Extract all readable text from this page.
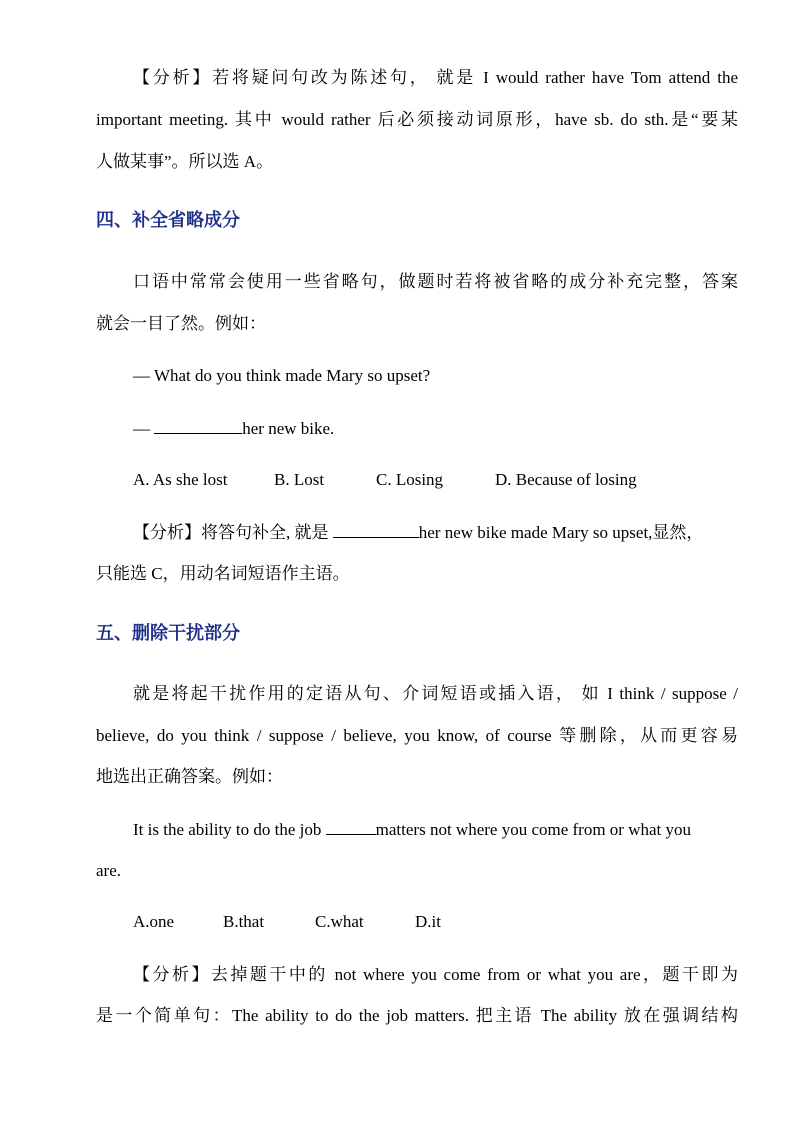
【分析】若将疑问句改为陈述句， 就是 I would rather have Tom attend the
important meeting. 其中 would rather 后必须接动词原形，have sb. do sth.是“要某
人做某事”。所以选 A。
四、补全省略成分
口语中常常会使用一些省略句，做题时若将被省略的成分补充完整，答案
就会一目了然。例如：
— What do you think made Mary so upset?
—	her new bike.
A. As she lost	B. Lost	C. Losing	D. Because of losing
【分析】将答句补全, 就是	her new bike made Mary so upset,显然，
只能选 C，用动名词短语作主语。
五、删除干扰部分
就是将起干扰作用的定语从句、介词短语或插入语， 如 I think / suppose /
believe, do you think / suppose / believe, you know, of course 等删除，从而更容易
地选出正确答案。例如：
It is the ability to do the job	matters not where you come from or what you
are.
A.one	B.that	C.what	D.it
【分析】去掉题干中的 not where you come from or what you are，题干即为
是一个简单句：The ability to do the job matters. 把主语 The ability 放在强调结构
